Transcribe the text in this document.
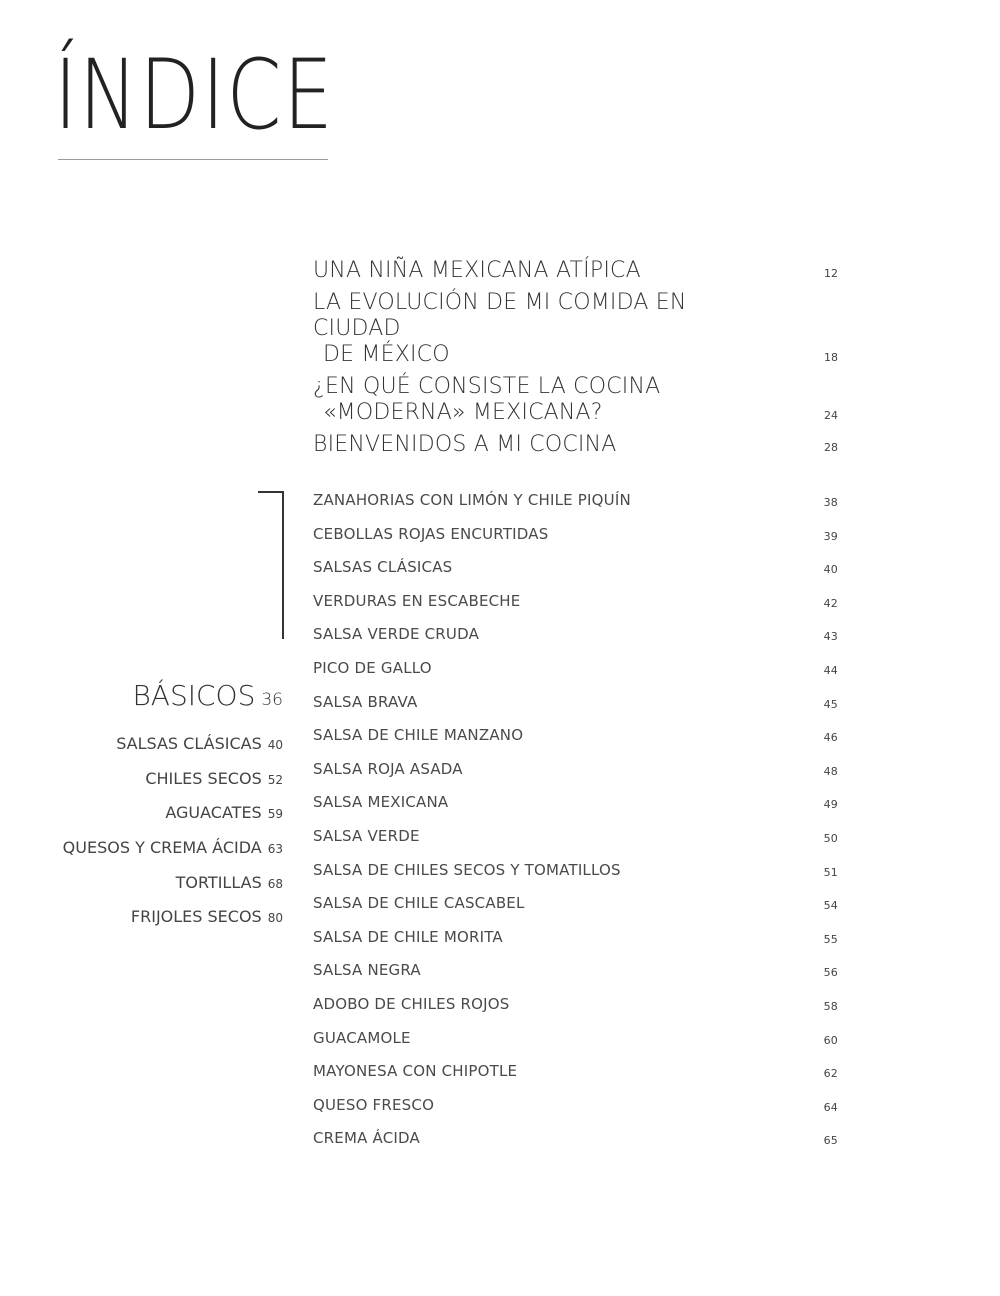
ÍNDICE
UNA NIÑA MEXICANA ATÍPICA	12
LA EVOLUCIÓN DE MI COMIDA EN CIUDAD
DE MÉXICO	18
¿EN QUÉ CONSISTE LA COCINA
«MODERNA» MEXICANA?	24
BIENVENIDOS A MI COCINA	28
BÁSICOS 36
SALSAS CLÁSICAS 40
CHILES SECOS 52
AGUACATES 59
QUESOS Y CREMA ÁCIDA 63
TORTILLAS 68
FRIJOLES SECOS 80
ZANAHORIAS CON LIMÓN Y CHILE PIQUÍN	38
CEBOLLAS ROJAS ENCURTIDAS	39
SALSAS CLÁSICAS	40
VERDURAS EN ESCABECHE	42
SALSA VERDE CRUDA	43
PICO DE GALLO	44
SALSA BRAVA	45
SALSA DE CHILE MANZANO	46
SALSA ROJA ASADA	48
SALSA MEXICANA	49
SALSA VERDE	50
SALSA DE CHILES SECOS Y TOMATILLOS	51
SALSA DE CHILE CASCABEL	54
SALSA DE CHILE MORITA	55
SALSA NEGRA	56
ADOBO DE CHILES ROJOS	58
GUACAMOLE	60
MAYONESA CON CHIPOTLE	62
QUESO FRESCO	64
CREMA ÁCIDA	65
